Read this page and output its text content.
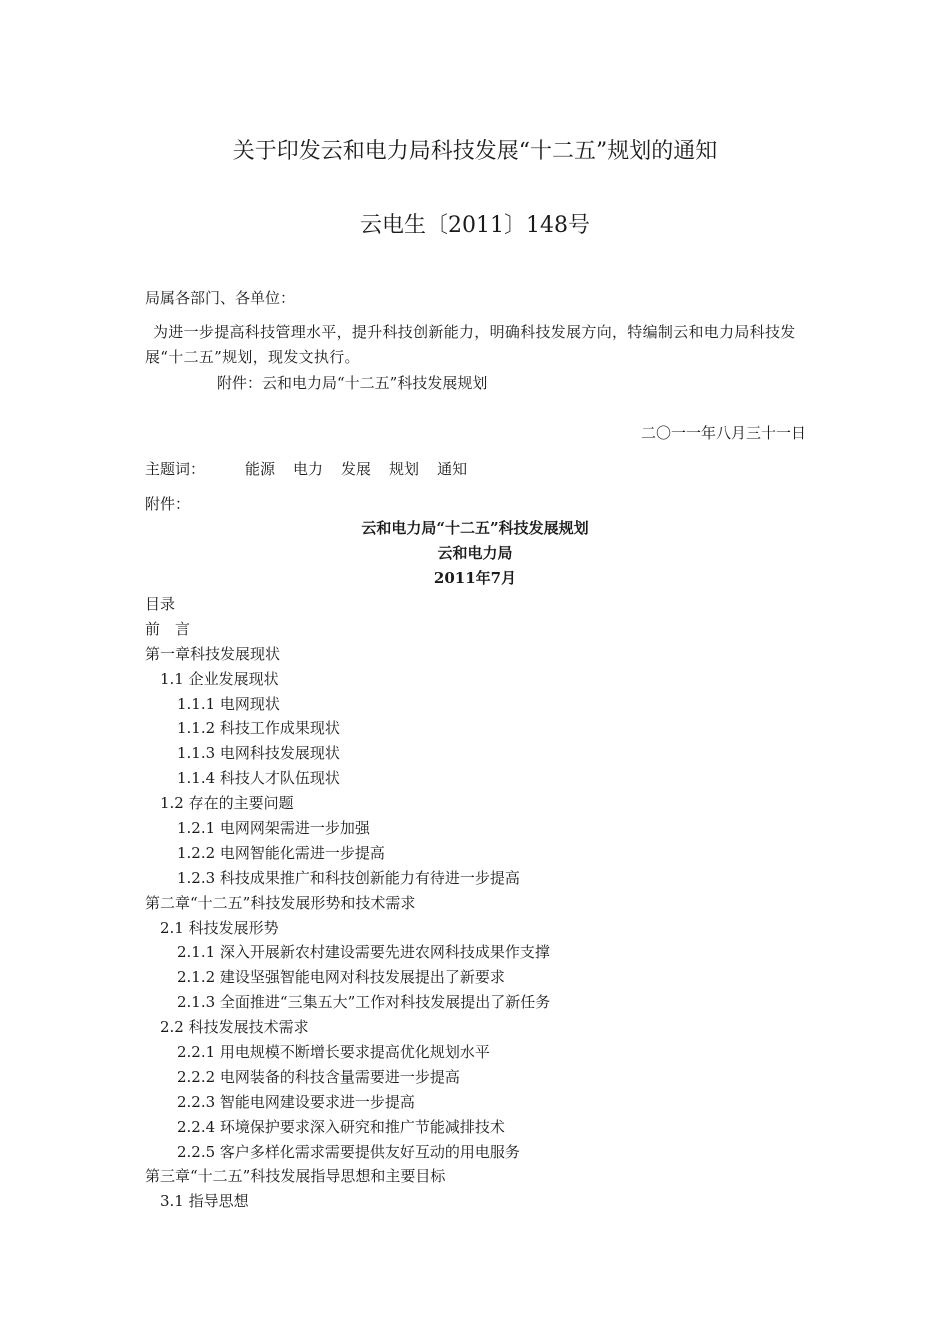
关于印发云和电力局科技发展“十二五”规划的通知
云电生〔2011〕148号
局属各部门、各单位：
为进一步提高科技管理水平，提升科技创新能力，明确科技发展方向，特编制云和电力局科技发展“十二五”规划，现发文执行。
附件：云和电力局“十二五”科技发展规划
二〇一一年八月三十一日
主题词：	能源 电力 发展 规划 通知
附件：
云和电力局“十二五”科技发展规划
云和电力局
2011年7月
目录
前　言
第一章科技发展现状
1.1 企业发展现状
1.1.1 电网现状
1.1.2 科技工作成果现状
1.1.3 电网科技发展现状
1.1.4 科技人才队伍现状
1.2 存在的主要问题
1.2.1 电网网架需进一步加强
1.2.2 电网智能化需进一步提高
1.2.3 科技成果推广和科技创新能力有待进一步提高
第二章“十二五”科技发展形势和技术需求
2.1 科技发展形势
2.1.1 深入开展新农村建设需要先进农网科技成果作支撑
2.1.2 建设坚强智能电网对科技发展提出了新要求
2.1.3 全面推进“三集五大”工作对科技发展提出了新任务
2.2 科技发展技术需求
2.2.1 用电规模不断增长要求提高优化规划水平
2.2.2 电网装备的科技含量需要进一步提高
2.2.3 智能电网建设要求进一步提高
2.2.4 环境保护要求深入研究和推广节能减排技术
2.2.5 客户多样化需求需要提供友好互动的用电服务
第三章“十二五”科技发展指导思想和主要目标
3.1 指导思想
